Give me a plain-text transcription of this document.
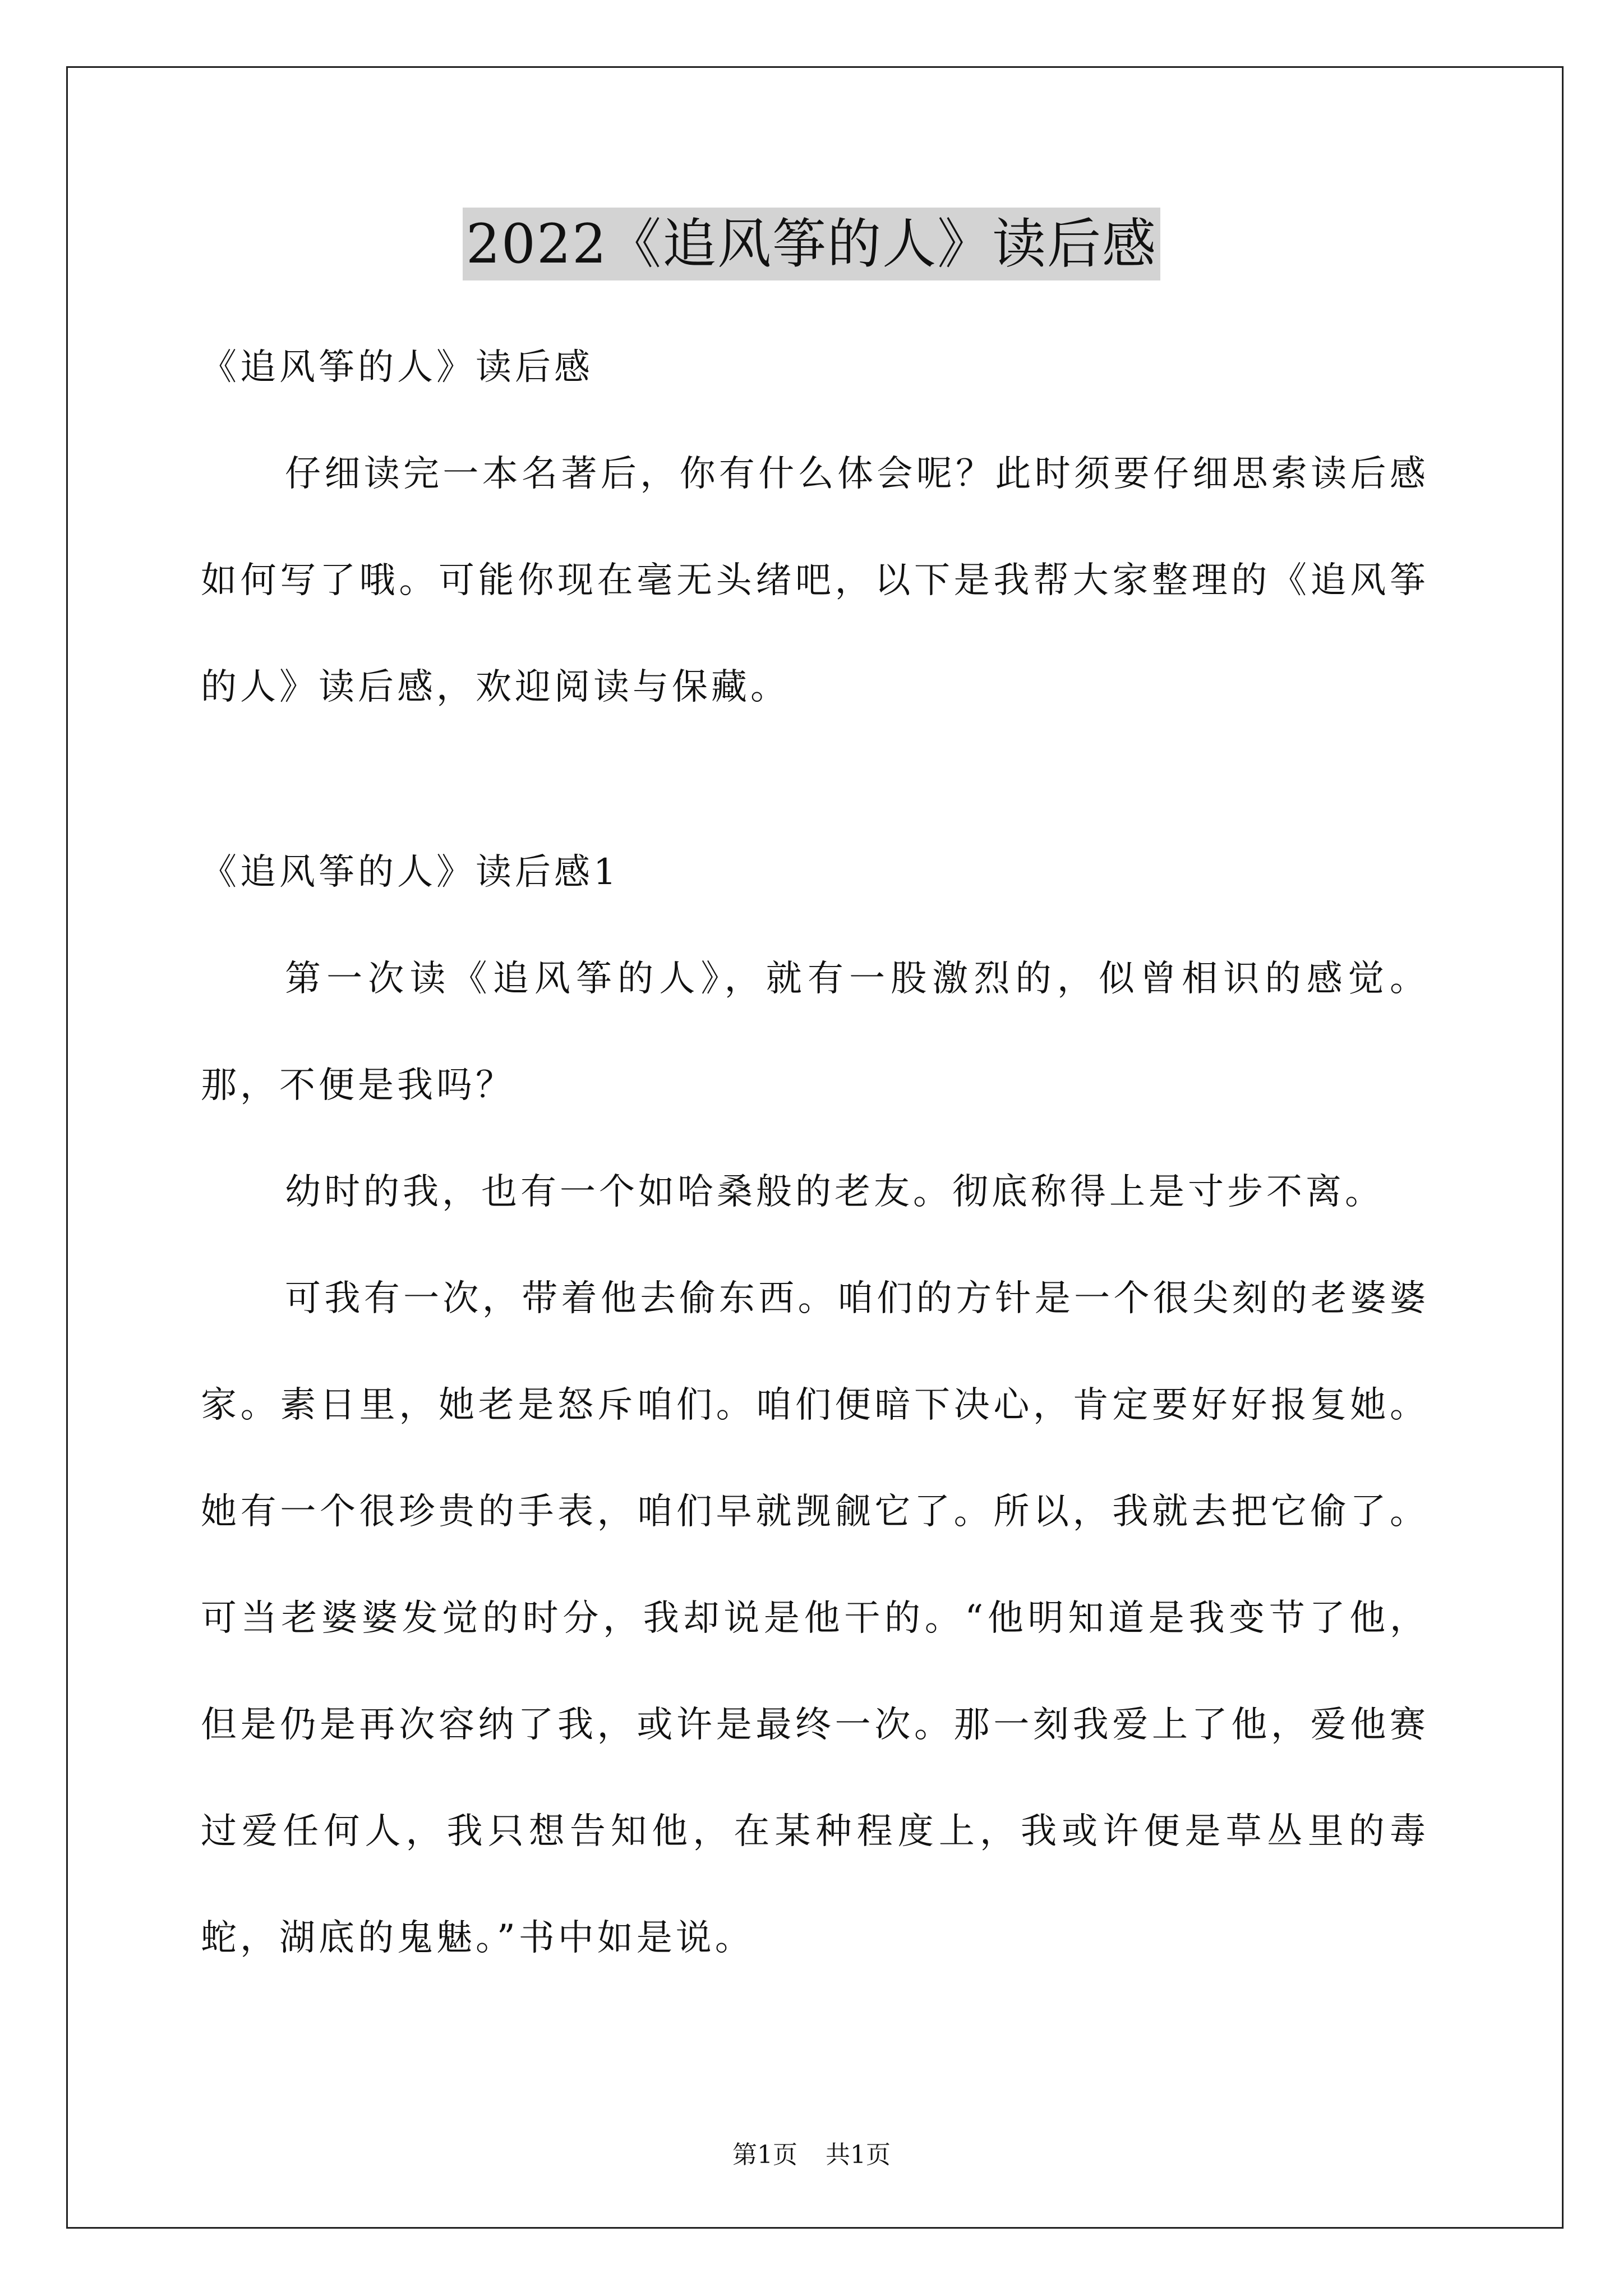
2022《追风筝的人》读后感

《追风筝的人》读后感

仔细读完一本名著后，你有什么体会呢？此时须要仔细思索读后感如何写了哦。可能你现在毫无头绪吧，以下是我帮大家整理的《追风筝的人》读后感，欢迎阅读与保藏。

《追风筝的人》读后感1

第一次读《追风筝的人》，就有一股激烈的，似曾相识的感觉。那，不便是我吗？

幼时的我，也有一个如哈桑般的老友。彻底称得上是寸步不离。

可我有一次，带着他去偷东西。咱们的方针是一个很尖刻的老婆婆家。素日里，她老是怒斥咱们。咱们便暗下决心，肯定要好好报复她。她有一个很珍贵的手表，咱们早就觊觎它了。所以，我就去把它偷了。可当老婆婆发觉的时分，我却说是他干的。“他明知道是我变节了他，但是仍是再次容纳了我，或许是最终一次。那一刻我爱上了他，爱他赛过爱任何人，我只想告知他，在某种程度上，我或许便是草丛里的毒蛇，湖底的鬼魅。”书中如是说。

第1页 共1页
